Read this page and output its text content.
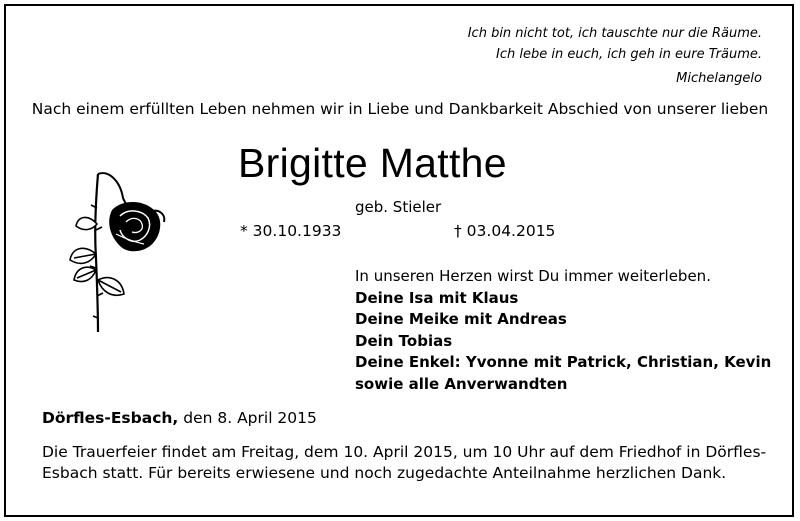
Ich bin nicht tot, ich tauschte nur die Räume.
Ich lebe in euch, ich geh in eure Träume.
Michelangelo
Nach einem erfüllten Leben nehmen wir in Liebe und Dankbarkeit Abschied von unserer lieben
Brigitte Matthe
geb. Stieler
* 30.10.1933	† 03.04.2015
In unseren Herzen wirst Du immer weiterleben.
Deine Isa mit Klaus
Deine Meike mit Andreas
Dein Tobias
Deine Enkel: Yvonne mit Patrick, Christian, Kevin
sowie alle Anverwandten
Dörfles-Esbach, den 8. April 2015
Die Trauerfeier findet am Freitag, dem 10. April 2015, um 10 Uhr auf dem Friedhof in Dörfles-Esbach statt. Für bereits erwiesene und noch zugedachte Anteilnahme herzlichen Dank.
